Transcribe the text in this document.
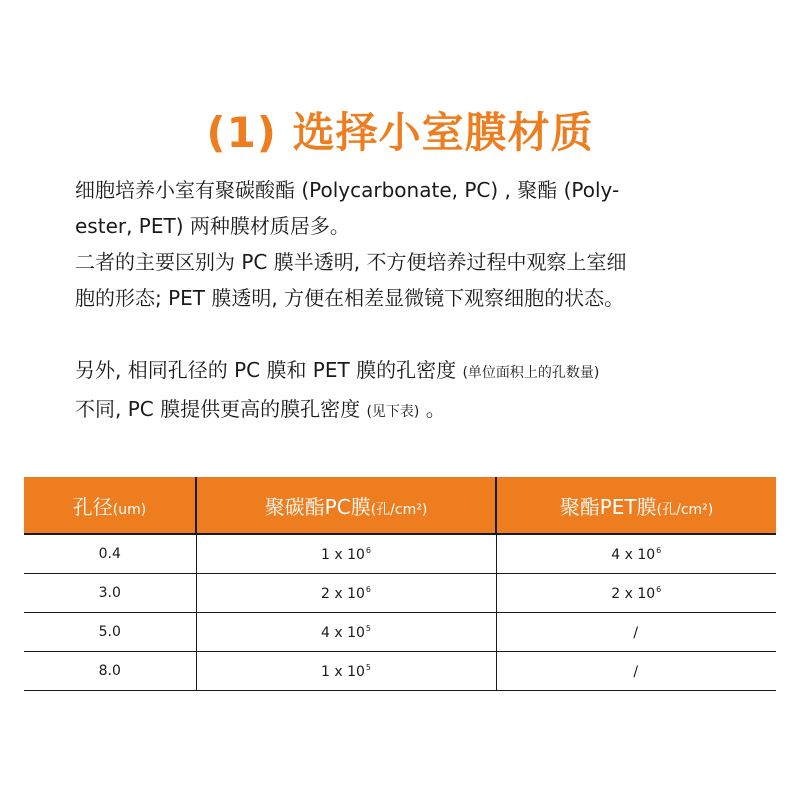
(1) 选择小室膜材质

细胞培养小室有聚碳酸酯 (Polycarbonate, PC) , 聚酯 (Poly-

ester, PET) 两种膜材质居多。

二者的主要区别为 PC 膜半透明, 不方便培养过程中观察上室细

胞的形态; PET 膜透明, 方便在相差显微镜下观察细胞的状态。

另外, 相同孔径的 PC 膜和 PET 膜的孔密度 (单位面积上的孔数量)

不同, PC 膜提供更高的膜孔密度 (见下表) 。

孔径(um)	聚碳酯PC膜(孔/cm²)	聚酯PET膜(孔/cm²)
0.4	1 x $10^6$	4 x $10^6$
3.0	2 x $10^6$	2 x $10^6$
5.0	4 x $10^5$	/
8.0	1 x $10^5$	/
